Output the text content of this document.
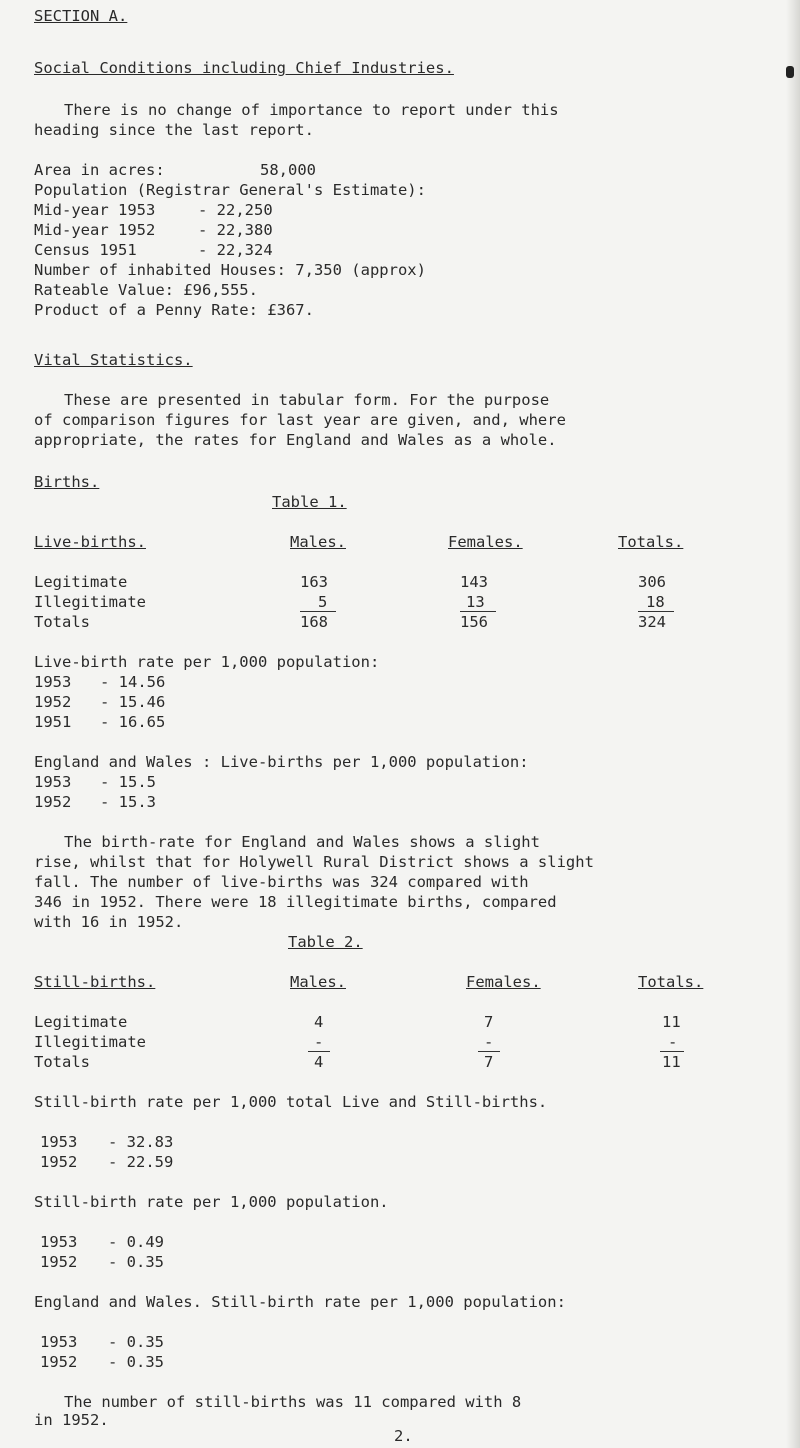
SECTION A.
Social Conditions including Chief Industries.
There is no change of importance to report under this
heading since the last report.
Area in acres:	58,000
Population (Registrar General's Estimate):
Mid-year 1953	- 22,250
Mid-year 1952	- 22,380
Census 1951	- 22,324
Number of inhabited Houses: 7,350 (approx)
Rateable Value: £96,555.
Product of a Penny Rate: £367.
Vital Statistics.
These are presented in tabular form. For the purpose
of comparison figures for last year are given, and, where
appropriate, the rates for England and Wales as a whole.
Births.
Table 1.
Live-births.	Males.	Females.	Totals.
Legitimate	163	143	306
Illegitimate	5	13	18
Totals	168	156	324
Live-birth rate per 1,000 population:
1953 - 14.56
1952 - 15.46
1951 - 16.65
England and Wales : Live-births per 1,000 population:
1953 - 15.5
1952 - 15.3
The birth-rate for England and Wales shows a slight
rise, whilst that for Holywell Rural District shows a slight
fall. The number of live-births was 324 compared with
346 in 1952. There were 18 illegitimate births, compared
with 16 in 1952.
Table 2.
Still-births.	Males.	Females.	Totals.
Legitimate	4	7	11
Illegitimate	-	-	-
Totals	4	7	11
Still-birth rate per 1,000 total Live and Still-births.
1953 - 32.83
1952 - 22.59
Still-birth rate per 1,000 population.
1953 - 0.49
1952 - 0.35
England and Wales. Still-birth rate per 1,000 population:
1953 - 0.35
1952 - 0.35
The number of still-births was 11 compared with 8
in 1952.
2.
